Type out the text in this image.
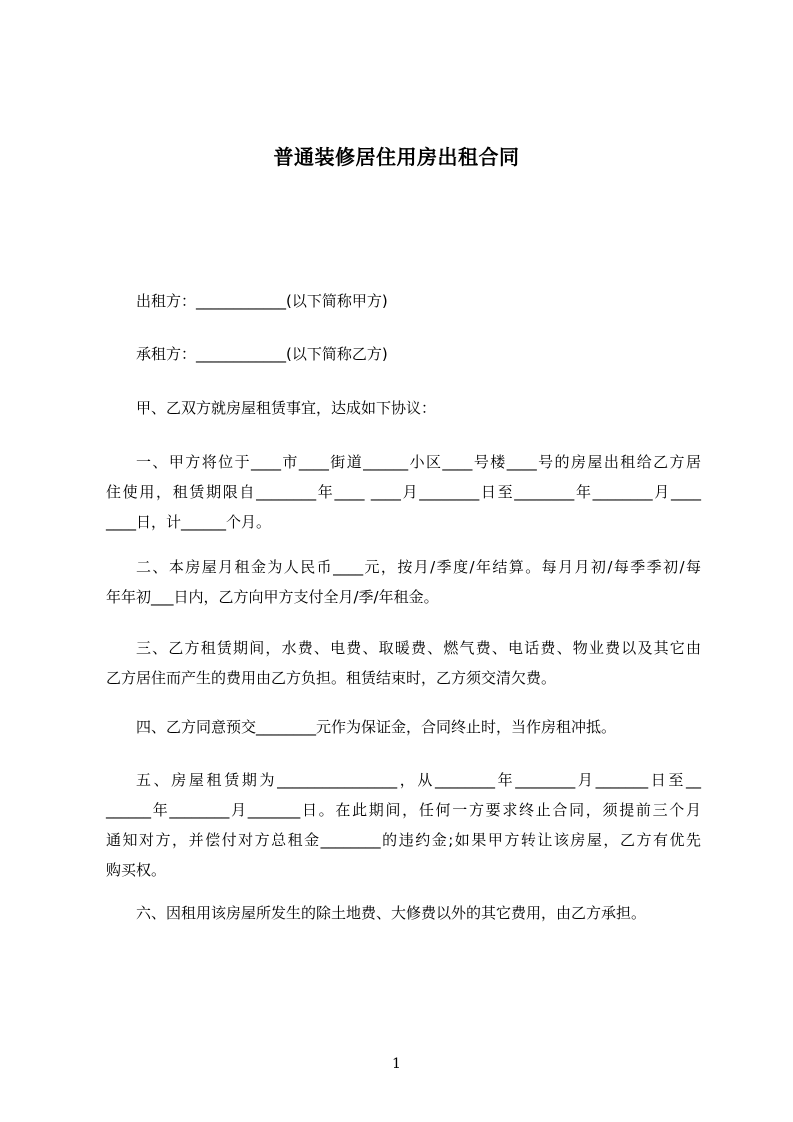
普通装修居住用房出租合同
出租方：____________(以下简称甲方)
承租方：____________(以下简称乙方)
甲、乙双方就房屋租赁事宜，达成如下协议：
一、甲方将位于____市____街道______小区____号楼____号的房屋出租给乙方居
住使用，租赁期限自________年____ ____月________日至________年________月____
____日，计______个月。
二、本房屋月租金为人民币____元，按月/季度/年结算。每月月初/每季季初/每
年年初___日内，乙方向甲方支付全月/季/年租金。
三、乙方租赁期间，水费、电费、取暖费、燃气费、电话费、物业费以及其它由
乙方居住而产生的费用由乙方负担。租赁结束时，乙方须交清欠费。
四、乙方同意预交________元作为保证金，合同终止时，当作房租冲抵。
五、房屋租赁期为________________，从________年________月_______日至__
______年________月_______日。在此期间，任何一方要求终止合同，须提前三个月
通知对方，并偿付对方总租金________的违约金;如果甲方转让该房屋，乙方有优先
购买权。
六、因租用该房屋所发生的除土地费、大修费以外的其它费用，由乙方承担。
1
